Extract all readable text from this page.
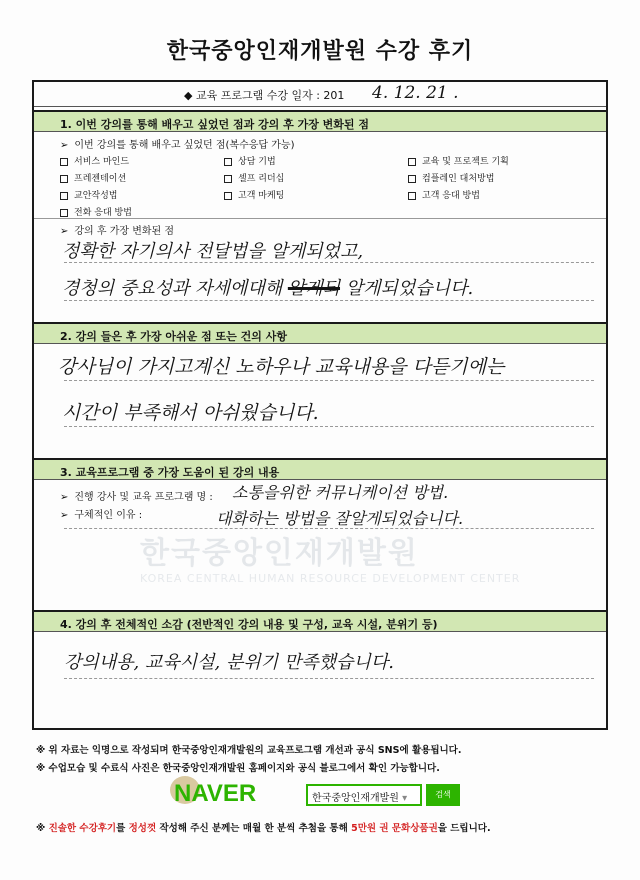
한국중앙인재개발원 수강 후기
한국중앙인재개발원
KOREA CENTRAL HUMAN RESOURCE DEVELOPMENT CENTER
◆ 교육 프로그램 수강 일자 : 201 4. 12. 21 .
1. 이번 강의를 통해 배우고 싶었던 점과 강의 후 가장 변화된 점
➢ 이번 강의를 통해 배우고 싶었던 점(복수응답 가능)
서비스 마인드	상담 기법	교육 및 프로젝트 기획
프레젠테이션	셀프 리더십	컴플레인 대처방법
교안작성법	고객 마케팅	고객 응대 방법
전화 응대 방법
➢ 강의 후 가장 변화된 점
정확한 자기의사 전달법을 알게되었고,
경청의 중요성과 자세에대해 알게되 알게되었습니다.
2. 강의 들은 후 가장 아쉬운 점 또는 건의 사항
강사님이 가지고계신 노하우나 교육내용을 다듣기에는
시간이 부족해서 아쉬웠습니다.
3. 교육프로그램 중 가장 도움이 된 강의 내용
➢ 진행 강사 및 교육 프로그램 명 : 소통을위한 커뮤니케이션 방법.
➢ 구체적인 이유 :	대화하는 방법을 잘알게되었습니다.
4. 강의 후 전체적인 소감 (전반적인 강의 내용 및 구성, 교육 시설, 분위기 등)
강의내용, 교육시설, 분위기 만족했습니다.
※ 위 자료는 익명으로 작성되며 한국중앙인재개발원의 교육프로그램 개선과 공식 SNS에 활용됩니다.
※ 수업모습 및 수료식 사진은 한국중앙인재개발원 홈페이지와 공식 블로그에서 확인 가능합니다.
NAVER	한국중앙인재개발원 ▾	검색
※ 진솔한 수강후기를 정성껏 작성해 주신 분께는 매월 한 분씩 추첨을 통해 5만원 권 문화상품권을 드립니다.
